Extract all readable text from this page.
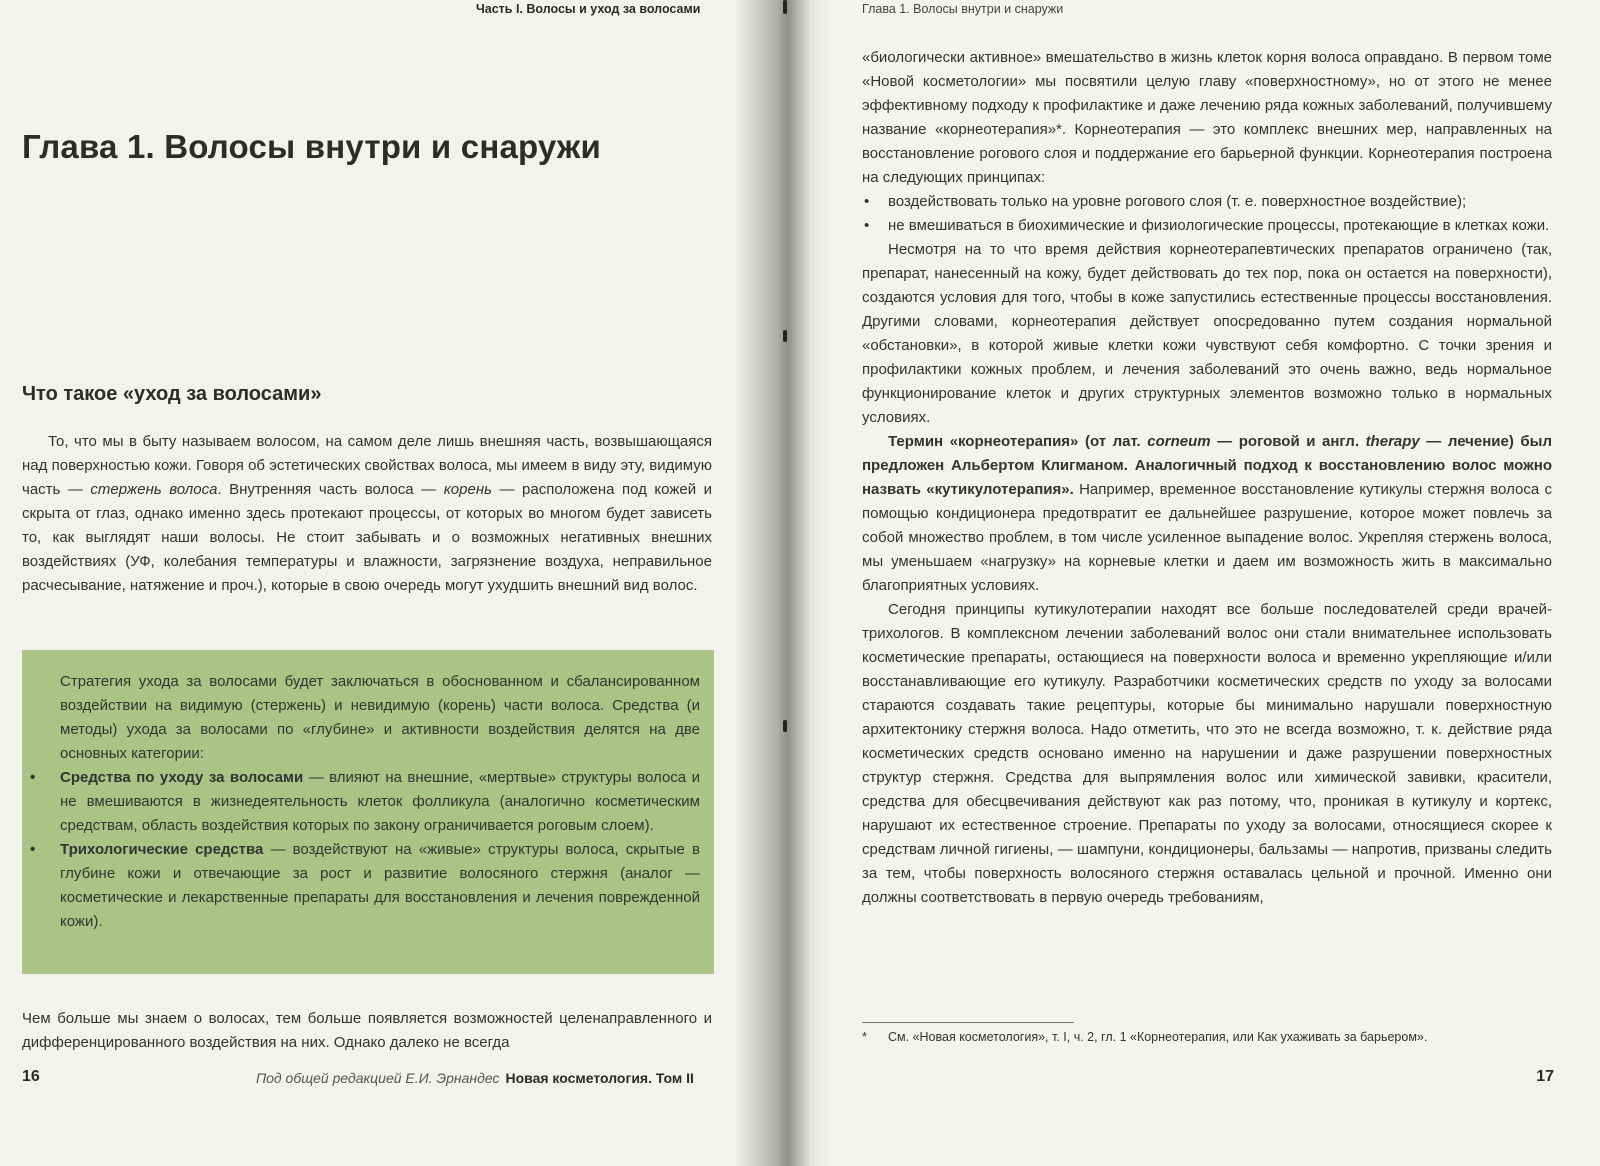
Часть I. Волосы и уход за волосами
Глава 1. Волосы внутри и снаружи
Что такое «уход за волосами»

То, что мы в быту называем волосом, на самом деле лишь внешняя часть, возвышающаяся над поверхностью кожи. Говоря об эстетических свойствах волоса, мы имеем в виду эту, видимую часть — стержень волоса. Внутренняя часть волоса — корень — расположена под кожей и скрыта от глаз, однако именно здесь протекают процессы, от которых во многом будет зависеть то, как выглядят наши волосы. Не стоит забывать и о возможных негативных внешних воздействиях (УФ, колебания температуры и влажности, загрязнение воздуха, неправильное расчесывание, натяжение и проч.), которые в свою очередь могут ухудшить внешний вид волос.

Стратегия ухода за волосами будет заключаться в обоснованном и сбалансированном воздействии на видимую (стержень) и невидимую (корень) части волоса. Средства (и методы) ухода за волосами по «глубине» и активности воздействия делятся на две основных категории:

• Средства по уходу за волосами — влияют на внешние, «мертвые» структуры волоса и не вмешиваются в жизнедеятельность клеток фолликула (аналогично косметическим средствам, область воздействия которых по закону ограничивается роговым слоем).
• Трихологические средства — воздействуют на «живые» структуры волоса, скрытые в глубине кожи и отвечающие за рост и развитие волосяного стержня (аналог — косметические и лекарственные препараты для восстановления и лечения поврежденной кожи).

Чем больше мы знаем о волосах, тем больше появляется возможностей целенаправленного и дифференцированного воздействия на них. Однако далеко не всегда

16	Под общей редакцией Е.И. Эрнандес Новая косметология. Том II
Глава 1. Волосы внутри и снаружи

«биологически активное» вмешательство в жизнь клеток корня волоса оправдано. В первом томе «Новой косметологии» мы посвятили целую главу «поверхностному», но от этого не менее эффективному подходу к профилактике и даже лечению ряда кожных заболеваний, получившему название «корнеотерапия»*. Корнеотерапия — это комплекс внешних мер, направленных на восстановление рогового слоя и поддержание его барьерной функции. Корнеотерапия построена на следующих принципах:

• воздействовать только на уровне рогового слоя (т. е. поверхностное воздействие);
• не вмешиваться в биохимические и физиологические процессы, протекающие в клетках кожи.

Несмотря на то что время действия корнеотерапевтических препаратов ограничено (так, препарат, нанесенный на кожу, будет действовать до тех пор, пока он остается на поверхности), создаются условия для того, чтобы в коже запустились естественные процессы восстановления. Другими словами, корнеотерапия действует опосредованно путем создания нормальной «обстановки», в которой живые клетки кожи чувствуют себя комфортно. С точки зрения и профилактики кожных проблем, и лечения заболеваний это очень важно, ведь нормальное функционирование клеток и других структурных элементов возможно только в нормальных условиях.

Термин «корнеотерапия» (от лат. corneum — роговой и англ. therapy — лечение) был предложен Альбертом Клигманом. Аналогичный подход к восстановлению волос можно назвать «кутикулотерапия». Например, временное восстановление кутикулы стержня волоса с помощью кондиционера предотвратит ее дальнейшее разрушение, которое может повлечь за собой множество проблем, в том числе усиленное выпадение волос. Укрепляя стержень волоса, мы уменьшаем «нагрузку» на корневые клетки и даем им возможность жить в максимально благоприятных условиях.

Сегодня принципы кутикулотерапии находят все больше последователей среди врачей-трихологов. В комплексном лечении заболеваний волос они стали внимательнее использовать косметические препараты, остающиеся на поверхности волоса и временно укрепляющие и/или восстанавливающие его кутикулу. Разработчики косметических средств по уходу за волосами стараются создавать такие рецептуры, которые бы минимально нарушали поверхностную архитектонику стержня волоса. Надо отметить, что это не всегда возможно, т. к. действие ряда косметических средств основано именно на нарушении и даже разрушении поверхностных структур стержня. Средства для выпрямления волос или химической завивки, красители, средства для обесцвечивания действуют как раз потому, что, проникая в кутикулу и кортекс, нарушают их естественное строение. Препараты по уходу за волосами, относящиеся скорее к средствам личной гигиены, — шампуни, кондиционеры, бальзамы — напротив, призваны следить за тем, чтобы поверхность волосяного стержня оставалась цельной и прочной. Именно они должны соответствовать в первую очередь требованиям,

* См. «Новая косметология», т. I, ч. 2, гл. 1 «Корнеотерапия, или Как ухаживать за барьером».
17
